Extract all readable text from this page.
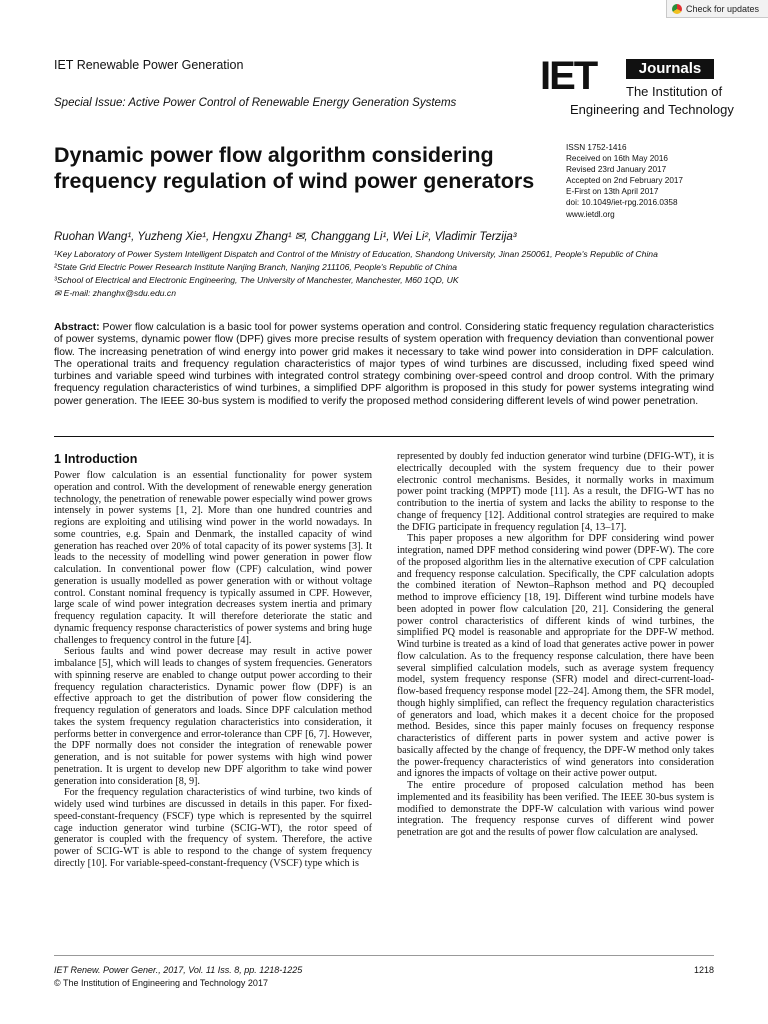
Check for updates
IET Renewable Power Generation
Special Issue: Active Power Control of Renewable Energy Generation Systems
IET	Journals
The Institution of
Engineering and Technology
Dynamic power flow algorithm considering frequency regulation of wind power generators
ISSN 1752-1416
Received on 16th May 2016
Revised 23rd January 2017
Accepted on 2nd February 2017
E-First on 13th April 2017
doi: 10.1049/iet-rpg.2016.0358
www.ietdl.org
Ruohan Wang¹, Yuzheng Xie¹, Hengxu Zhang¹ ✉, Changgang Li¹, Wei Li², Vladimir Terzija³
¹Key Laboratory of Power System Intelligent Dispatch and Control of the Ministry of Education, Shandong University, Jinan 250061, People's Republic of China
²State Grid Electric Power Research Institute Nanjing Branch, Nanjing 211106, People's Republic of China
³School of Electrical and Electronic Engineering, The University of Manchester, Manchester, M60 1QD, UK
✉ E-mail: zhanghx@sdu.edu.cn
Abstract: Power flow calculation is a basic tool for power systems operation and control. Considering static frequency regulation characteristics of power systems, dynamic power flow (DPF) gives more precise results of system operation with frequency deviation than conventional power flow. The increasing penetration of wind energy into power grid makes it necessary to take wind power into consideration in DPF calculation. The operational traits and frequency regulation characteristics of major types of wind turbines are discussed, including fixed speed wind turbines and variable speed wind turbines with integrated control strategy combining over-speed control and droop control. With the primary frequency regulation characteristics of wind turbines, a simplified DPF algorithm is proposed in this study for power systems integrating wind power generation. The IEEE 30-bus system is modified to verify the proposed method considering different levels of wind power penetration.
1 Introduction

Power flow calculation is an essential functionality for power system operation and control. With the development of renewable energy generation technology, the penetration of renewable power especially wind power grows intensely in power systems [1, 2]. More than one hundred countries and regions are exploiting and utilising wind power in the world nowadays. In some countries, e.g. Spain and Denmark, the installed capacity of wind generation has reached over 20% of total capacity of its power systems [3]. It leads to the necessity of modelling wind power generation in power flow calculation. In conventional power flow (CPF) calculation, wind power generation is usually modelled as power generation with or without voltage control. Constant nominal frequency is typically assumed in CPF. However, large scale of wind power integration decreases system inertia and primary frequency regulation capacity. It will therefore deteriorate the static and dynamic frequency response characteristics of power systems and bring huge challenges to frequency control in the future [4].

Serious faults and wind power decrease may result in active power imbalance [5], which will leads to changes of system frequencies. Generators with spinning reserve are enabled to change output power according to their frequency regulation characteristics. Dynamic power flow (DPF) is an effective approach to get the distribution of power flow considering the frequency regulation of generators and loads. Since DPF calculation method takes the system frequency regulation characteristics into consideration, it performs better in convergence and error-tolerance than CPF [6, 7]. However, the DPF normally does not consider the integration of renewable power generation, and is not suitable for power systems with high wind power penetration. It is urgent to develop new DPF algorithm to take wind power generation into consideration [8, 9].

For the frequency regulation characteristics of wind turbine, two kinds of widely used wind turbines are discussed in details in this paper. For fixed-speed-constant-frequency (FSCF) type which is represented by the squirrel cage induction generator wind turbine (SCIG-WT), the rotor speed of generator is coupled with the frequency of system. Therefore, the active power of SCIG-WT is able to respond to the change of system frequency directly [10]. For variable-speed-constant-frequency (VSCF) type which is

represented by doubly fed induction generator wind turbine (DFIG-WT), it is electrically decoupled with the system frequency due to their power electronic control mechanisms. Besides, it normally works in maximum power point tracking (MPPT) mode [11]. As a result, the DFIG-WT has no contribution to the inertia of system and lacks the ability to response to the change of frequency [12]. Additional control strategies are required to make the DFIG participate in frequency regulation [4, 13–17].

This paper proposes a new algorithm for DPF considering wind power integration, named DPF method considering wind power (DPF-W). The core of the proposed algorithm lies in the alternative execution of CPF calculation and frequency response calculation. Specifically, the CPF calculation adopts the combined iteration of Newton–Raphson method and PQ decoupled method to improve efficiency [18, 19]. Different wind turbine models have been adopted in power flow calculation [20, 21]. Considering the general power control characteristics of different kinds of wind turbines, the simplified PQ model is reasonable and appropriate for the DPF-W method. Wind turbine is treated as a kind of load that generates active power in power flow calculation. As to the frequency response calculation, there have been several simplified calculation models, such as average system frequency model, system frequency response (SFR) model and direct-current-load-flow-based frequency response model [22–24]. Among them, the SFR model, though highly simplified, can reflect the frequency regulation characteristics of generators and load, which makes it a decent choice for the proposed method. Besides, since this paper mainly focuses on frequency response characteristics of different parts in power system and active power is basically affected by the change of frequency, the DPF-W method only takes the power-frequency characteristics of wind generators into consideration and ignores the impacts of voltage on their active power output.

The entire procedure of proposed calculation method has been implemented and its feasibility has been verified. The IEEE 30-bus system is modified to demonstrate the DPF-W calculation with various wind power integration. The frequency response curves of different wind power penetration are got and the results of power flow calculation are analysed.

IET Renew. Power Gener., 2017, Vol. 11 Iss. 8, pp. 1218-1225
© The Institution of Engineering and Technology 2017
1218
